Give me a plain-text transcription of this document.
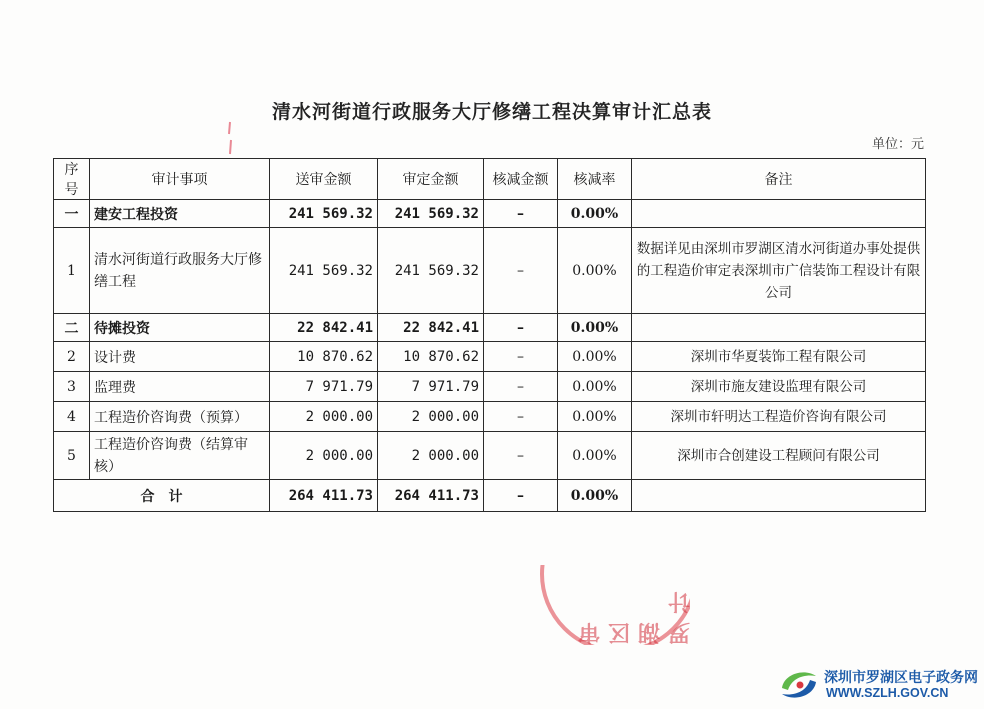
清水河街道行政服务大厅修缮工程决算审计汇总表
单位：元
序号	审计事项	送审金额	审定金额	核减金额	核减率	备注
一	建安工程投资	241 569.32	241 569.32	–	0.00%	
1	清水河街道行政服务大厅修缮工程	241 569.32	241 569.32	–	0.00%	数据详见由深圳市罗湖区清水河街道办事处提供的工程造价审定表深圳市广信装饰工程设计有限公司
二	待摊投资	22 842.41	22 842.41	–	0.00%	
2	设计费	10 870.62	10 870.62	–	0.00%	深圳市华夏装饰工程有限公司
3	监理费	7 971.79	7 971.79	–	0.00%	深圳市施友建设监理有限公司
4	工程造价咨询费（预算）	2 000.00	2 000.00	–	0.00%	深圳市轩明达工程造价咨询有限公司
5	工程造价咨询费（结算审核）	2 000.00	2 000.00	–	0.00%	深圳市合创建设工程顾问有限公司
合　计		264 411.73	264 411.73	–	0.00%	
罗湖区审计
深圳市罗湖区电子政务网
WWW.SZLH.GOV.CN
